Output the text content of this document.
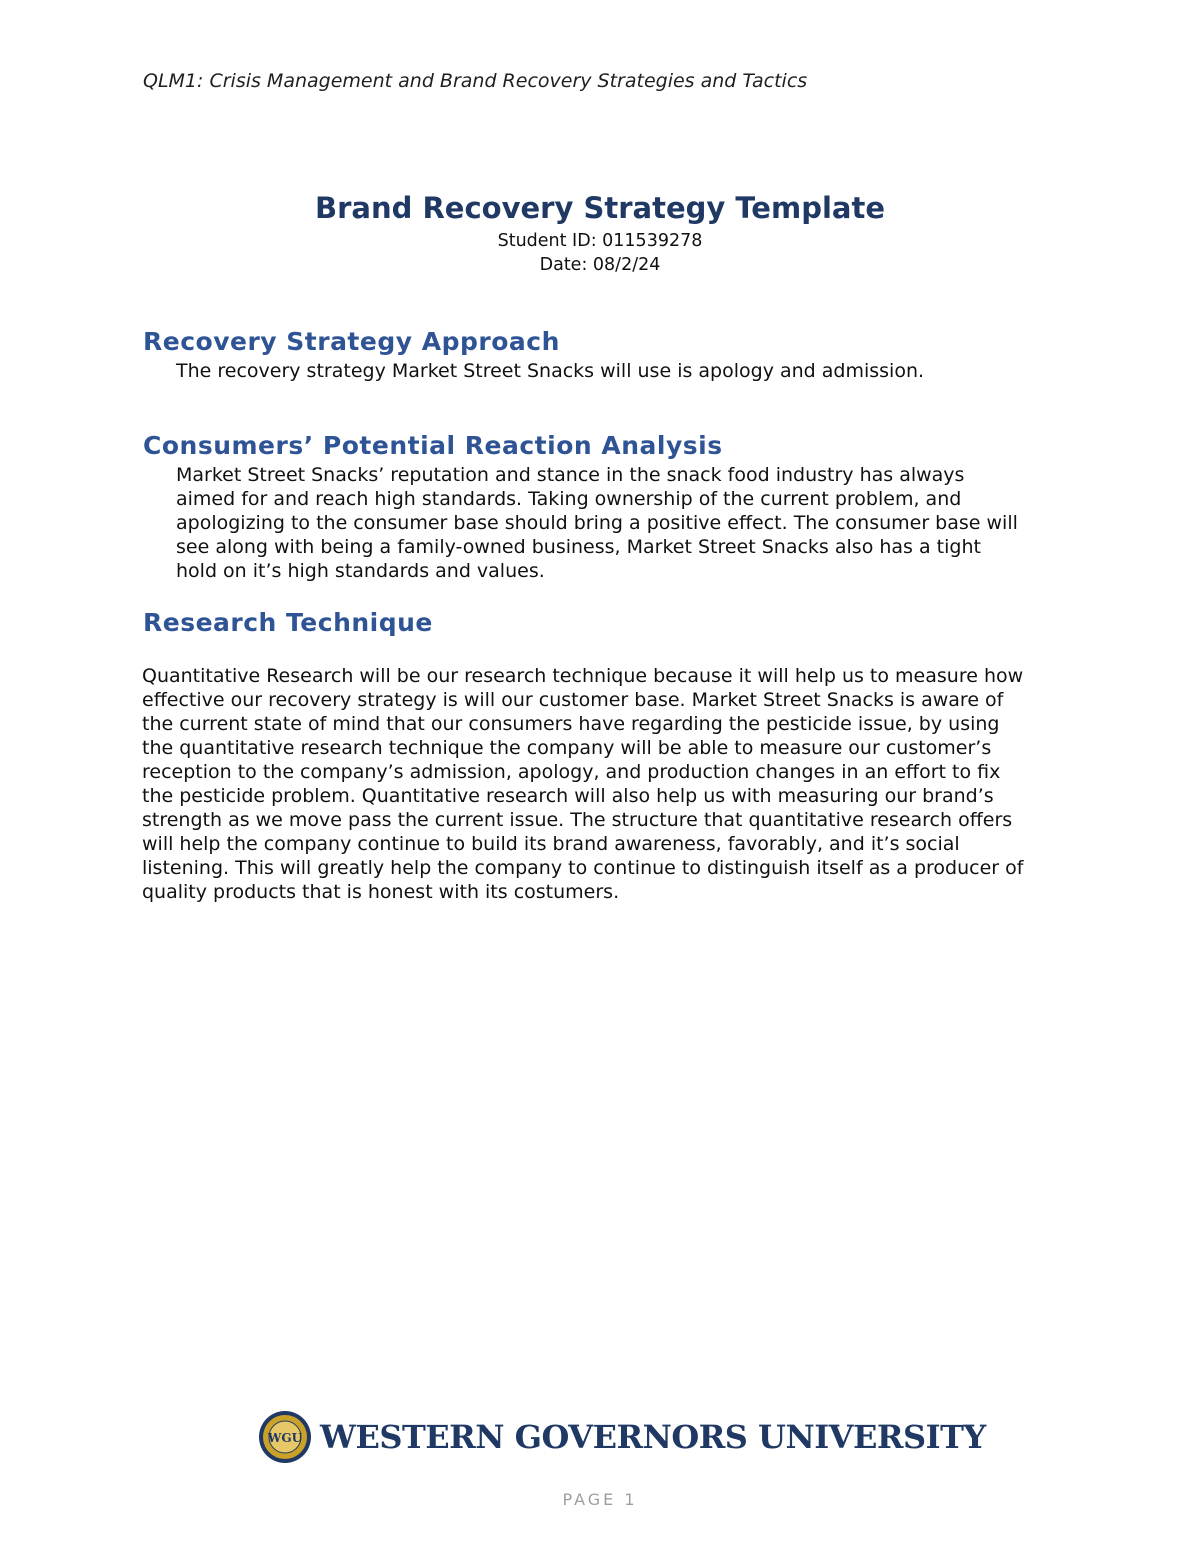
QLM1: Crisis Management and Brand Recovery Strategies and Tactics
Brand Recovery Strategy Template
Student ID: 011539278
Date: 08/2/24
Recovery Strategy Approach
The recovery strategy Market Street Snacks will use is apology and admission.
Consumers’ Potential Reaction Analysis
Market Street Snacks’ reputation and stance in the snack food industry has always
aimed for and reach high standards. Taking ownership of the current problem, and
apologizing to the consumer base should bring a positive effect. The consumer base will
see along with being a family-owned business, Market Street Snacks also has a tight
hold on it’s high standards and values.
Research Technique
Quantitative Research will be our research technique because it will help us to measure how
effective our recovery strategy is will our customer base. Market Street Snacks is aware of
the current state of mind that our consumers have regarding the pesticide issue, by using
the quantitative research technique the company will be able to measure our customer’s
reception to the company’s admission, apology, and production changes in an effort to fix
the pesticide problem. Quantitative research will also help us with measuring our brand’s
strength as we move pass the current issue. The structure that quantitative research offers
will help the company continue to build its brand awareness, favorably, and it’s social
listening. This will greatly help the company to continue to distinguish itself as a producer of
quality products that is honest with its costumers.
WGU WESTERN GOVERNORS UNIVERSITY
PAGE 1
